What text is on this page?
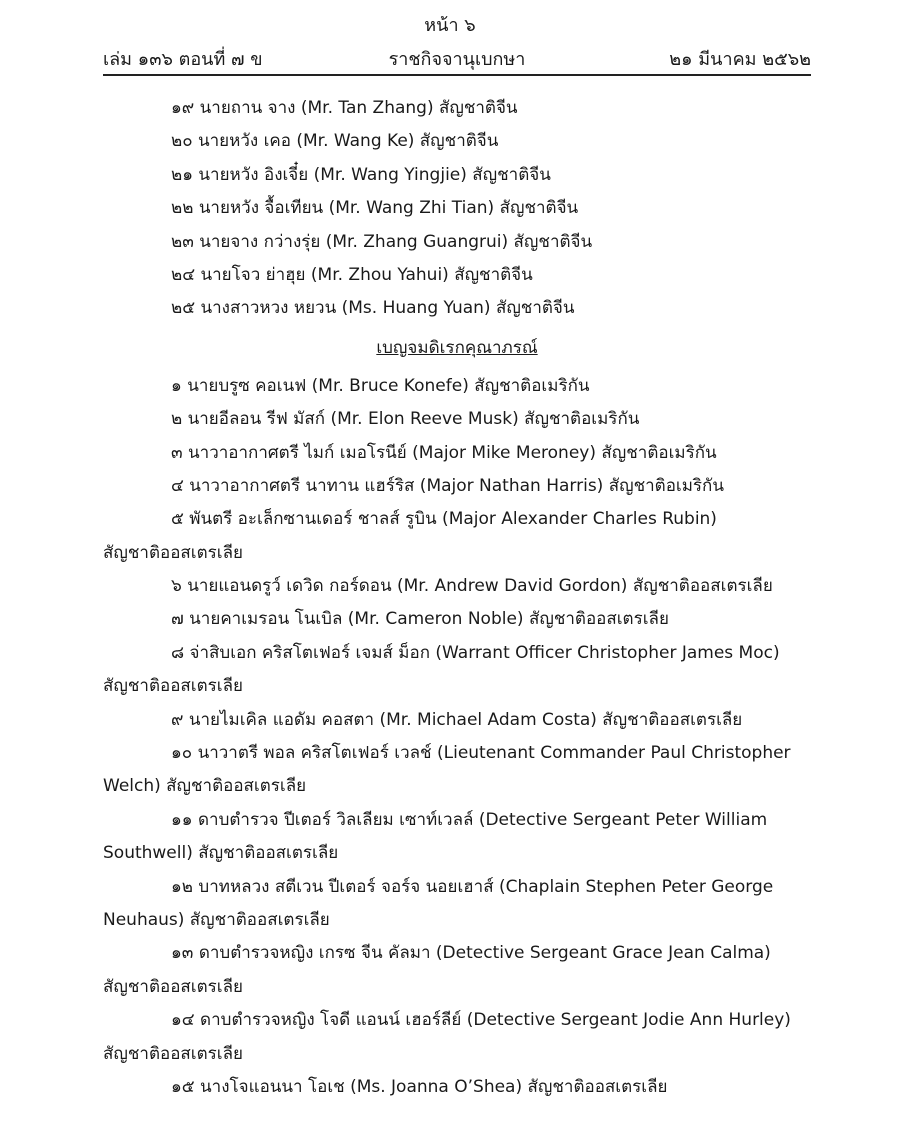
หน้า ๖
ราชกิจจานุเบกษา
เล่ม ๑๓๖ ตอนที่ ๗ ข	๒๑ มีนาคม ๒๕๖๒
๑๙ นายถาน จาง (Mr. Tan Zhang) สัญชาติจีน
๒๐ นายหวัง เคอ (Mr. Wang Ke) สัญชาติจีน
๒๑ นายหวัง อิงเจี๋ย (Mr. Wang Yingjie) สัญชาติจีน
๒๒ นายหวัง จื้อเทียน (Mr. Wang Zhi Tian) สัญชาติจีน
๒๓ นายจาง กว่างรุ่ย (Mr. Zhang Guangrui) สัญชาติจีน
๒๔ นายโจว ย่าฮุย (Mr. Zhou Yahui) สัญชาติจีน
๒๕ นางสาวหวง หยวน (Ms. Huang Yuan) สัญชาติจีน
เบญจมดิเรกคุณาภรณ์
๑ นายบรูซ คอเนฟ (Mr. Bruce Konefe) สัญชาติอเมริกัน
๒ นายอีลอน รีฟ มัสก์ (Mr. Elon Reeve Musk) สัญชาติอเมริกัน
๓ นาวาอากาศตรี ไมก์ เมอโรนีย์ (Major Mike Meroney) สัญชาติอเมริกัน
๔ นาวาอากาศตรี นาทาน แฮร์ริส (Major Nathan Harris) สัญชาติอเมริกัน
๕ พันตรี อะเล็กซานเดอร์ ชาลส์ รูบิน (Major Alexander Charles Rubin)
สัญชาติออสเตรเลีย
๖ นายแอนดรูว์ เดวิด กอร์ดอน (Mr. Andrew David Gordon) สัญชาติออสเตรเลีย
๗ นายคาเมรอน โนเบิล (Mr. Cameron Noble) สัญชาติออสเตรเลีย
๘ จ่าสิบเอก คริสโตเฟอร์ เจมส์ ม็อก (Warrant Officer Christopher James Moc)
สัญชาติออสเตรเลีย
๙ นายไมเคิล แอดัม คอสตา (Mr. Michael Adam Costa) สัญชาติออสเตรเลีย
๑๐ นาวาตรี พอล คริสโตเฟอร์ เวลช์ (Lieutenant Commander Paul Christopher
Welch) สัญชาติออสเตรเลีย
๑๑ ดาบตำรวจ ปีเตอร์ วิลเลียม เซาท์เวลล์ (Detective Sergeant Peter William
Southwell) สัญชาติออสเตรเลีย
๑๒ บาทหลวง สตีเวน ปีเตอร์ จอร์จ นอยเฮาส์ (Chaplain Stephen Peter George
Neuhaus) สัญชาติออสเตรเลีย
๑๓ ดาบตำรวจหญิง เกรซ จีน คัลมา (Detective Sergeant Grace Jean Calma)
สัญชาติออสเตรเลีย
๑๔ ดาบตำรวจหญิง โจดี แอนน์ เฮอร์ลีย์ (Detective Sergeant Jodie Ann Hurley)
สัญชาติออสเตรเลีย
๑๕ นางโจแอนนา โอเช (Ms. Joanna O’Shea) สัญชาติออสเตรเลีย
